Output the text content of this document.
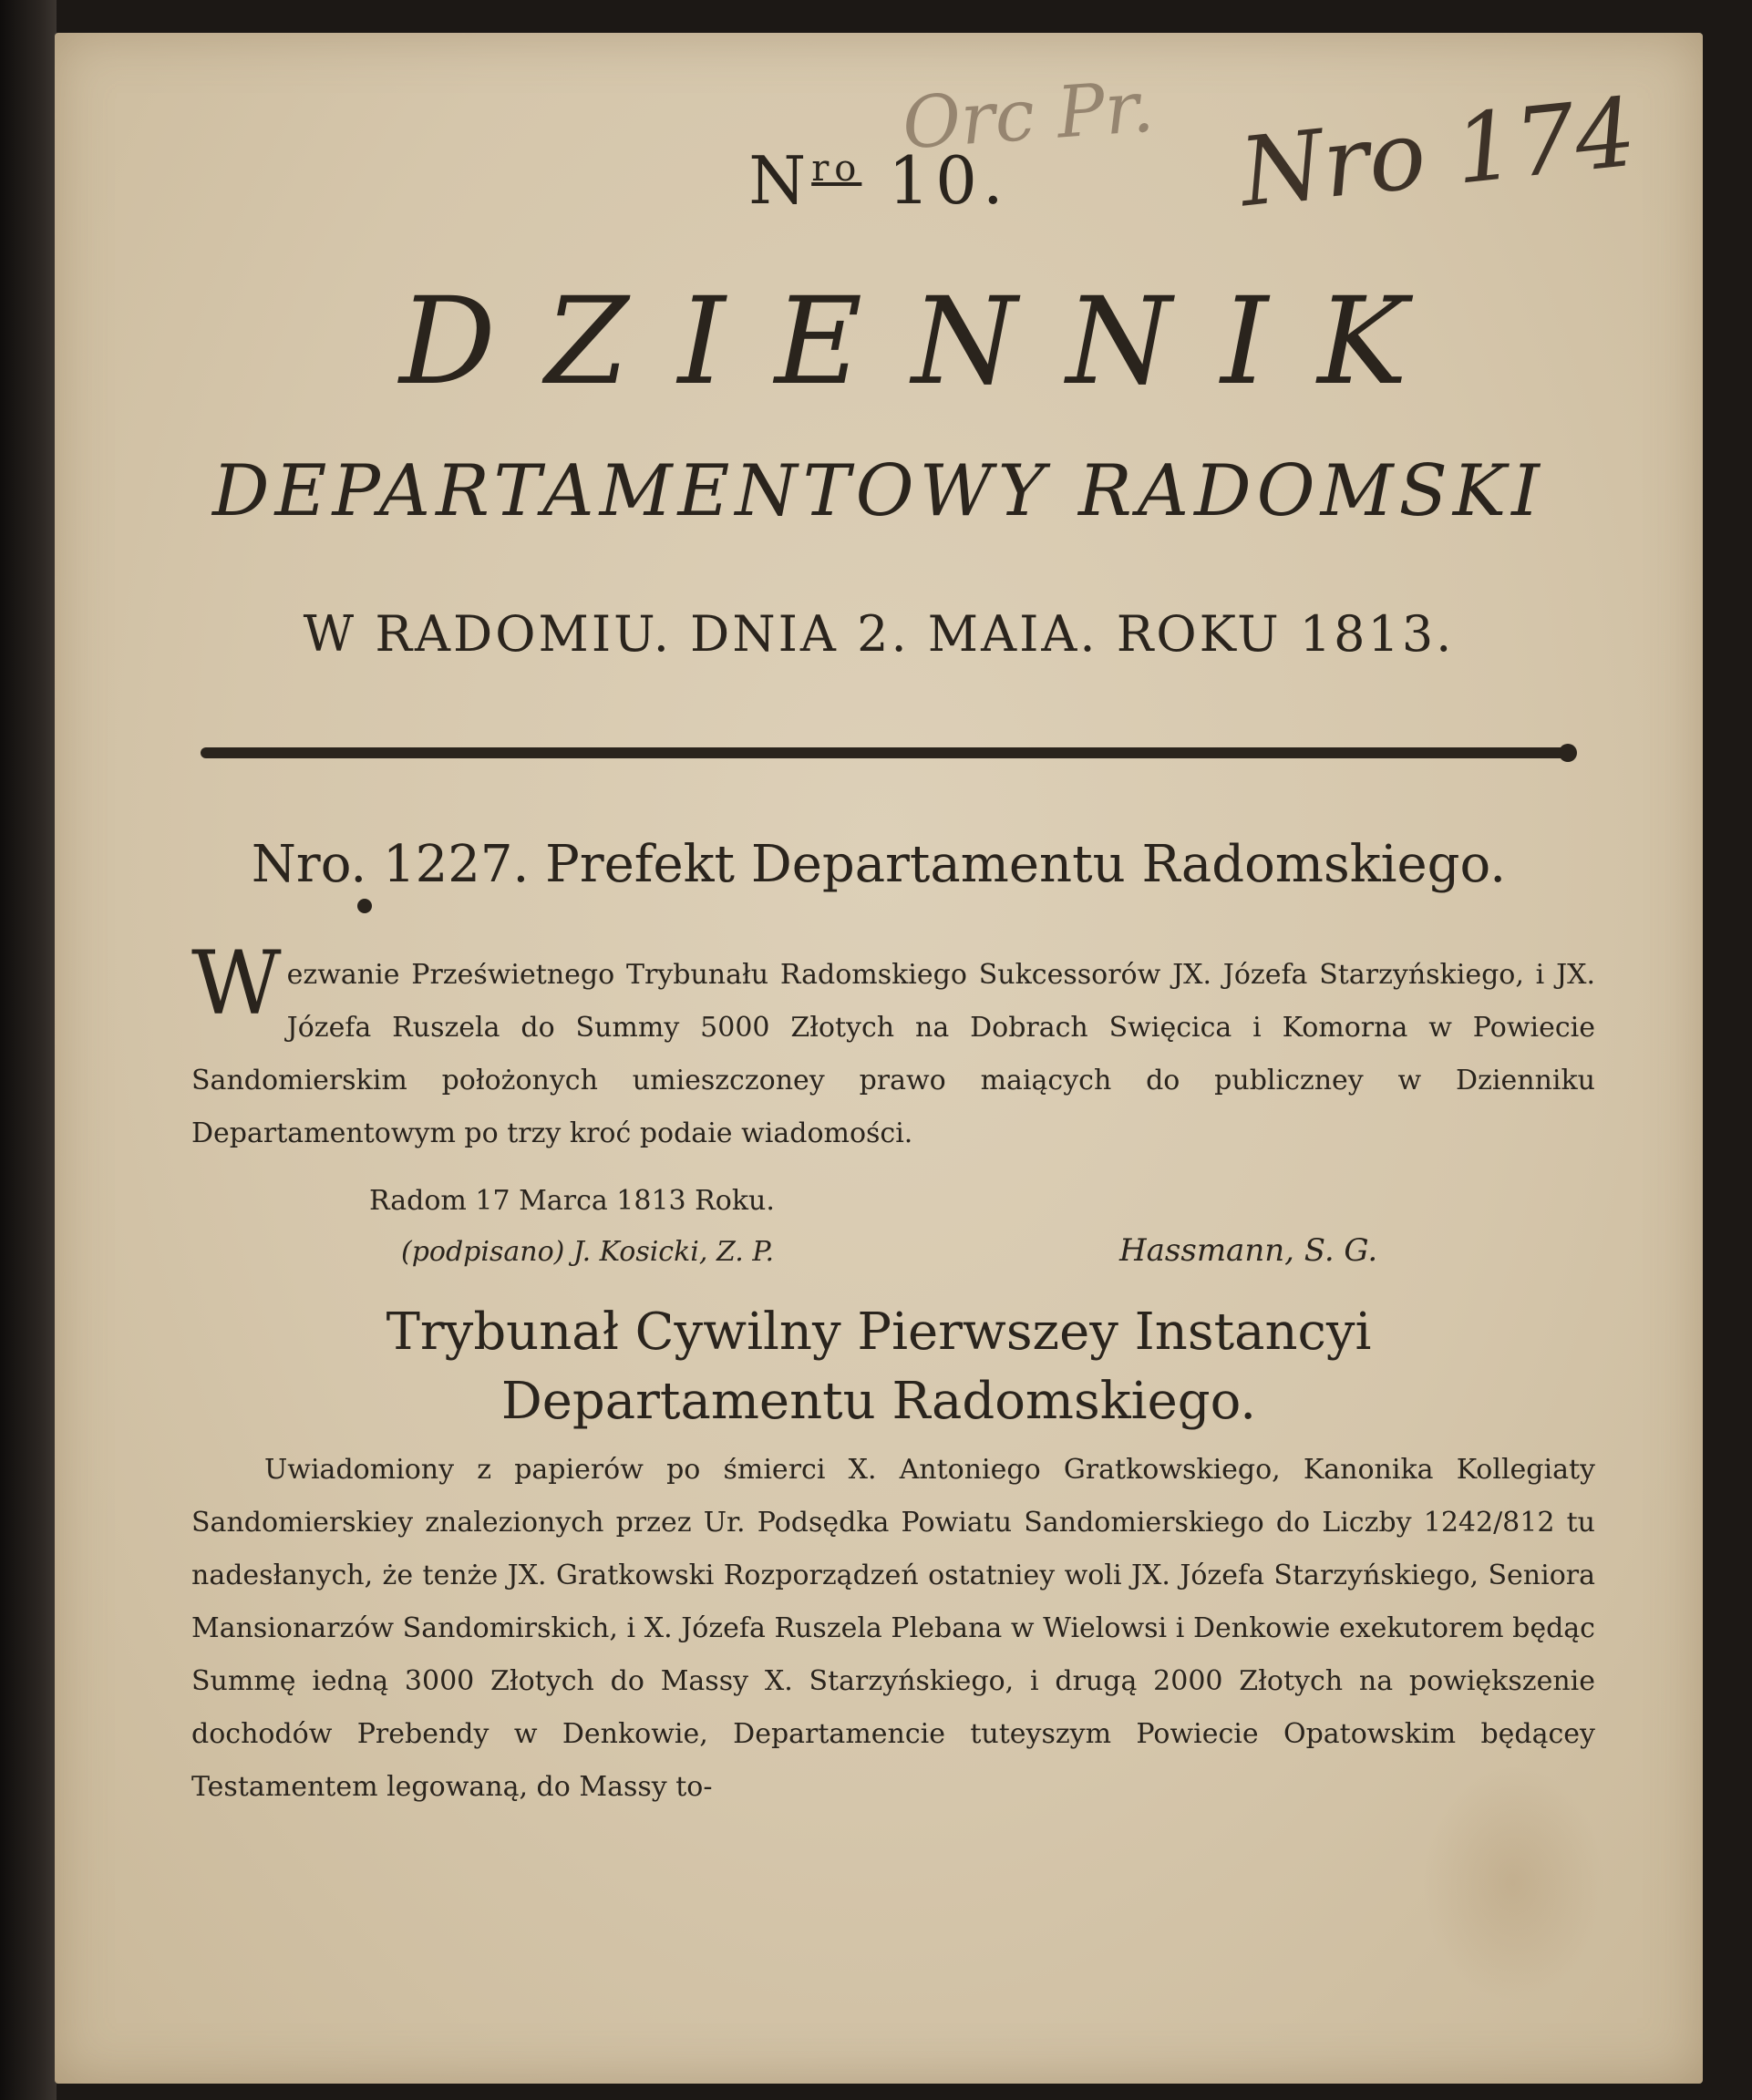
Orc Pr. Nro 174
$N^{ro}$ 10.
DZIENNIK
DEPARTAMENTOWY RADOMSKI
W RADOMIU. DNIA 2. MAIA. ROKU 1813.
Nro. 1227. Prefekt Departamentu Radomskiego.
Wezwanie Prześwietnego Trybunału Radomskiego Sukcessorów JX. Józefa Starzyńskiego, i JX. Józefa Ruszela do Summy 5000 Złotych na Dobrach Swięcica i Komorna w Powiecie Sandomierskim położonych umieszczoney prawo maiących do publiczney w Dzienniku Departamentowym po trzy kroć podaie wiadomości.
Radom 17 Marca 1813 Roku.
(podpisano) J. Kosicki, Z. P.	Hassmann, S. G.
Trybunał Cywilny Pierwszey Instancyi Departamentu Radomskiego.
Uwiadomiony z papierów po śmierci X. Antoniego Gratkowskiego, Kanonika Kollegiaty Sandomierskiey znalezionych przez Ur. Podsędka Powiatu Sandomierskiego do Liczby 1242/812 tu nadesłanych, że tenże JX. Gratkowski Rozporządzeń ostatniey woli JX. Józefa Starzyńskiego, Seniora Mansionarzów Sandomirskich, i X. Józefa Ruszela Plebana w Wielowsi i Denkowie exekutorem będąc Summę iedną 3000 Złotych do Massy X. Starzyńskiego, i drugą 2000 Złotych na powiększenie dochodów Prebendy w Denkowie, Departamencie tuteyszym Powiecie Opatowskim będącey Testamentem legowaną, do Massy to-
